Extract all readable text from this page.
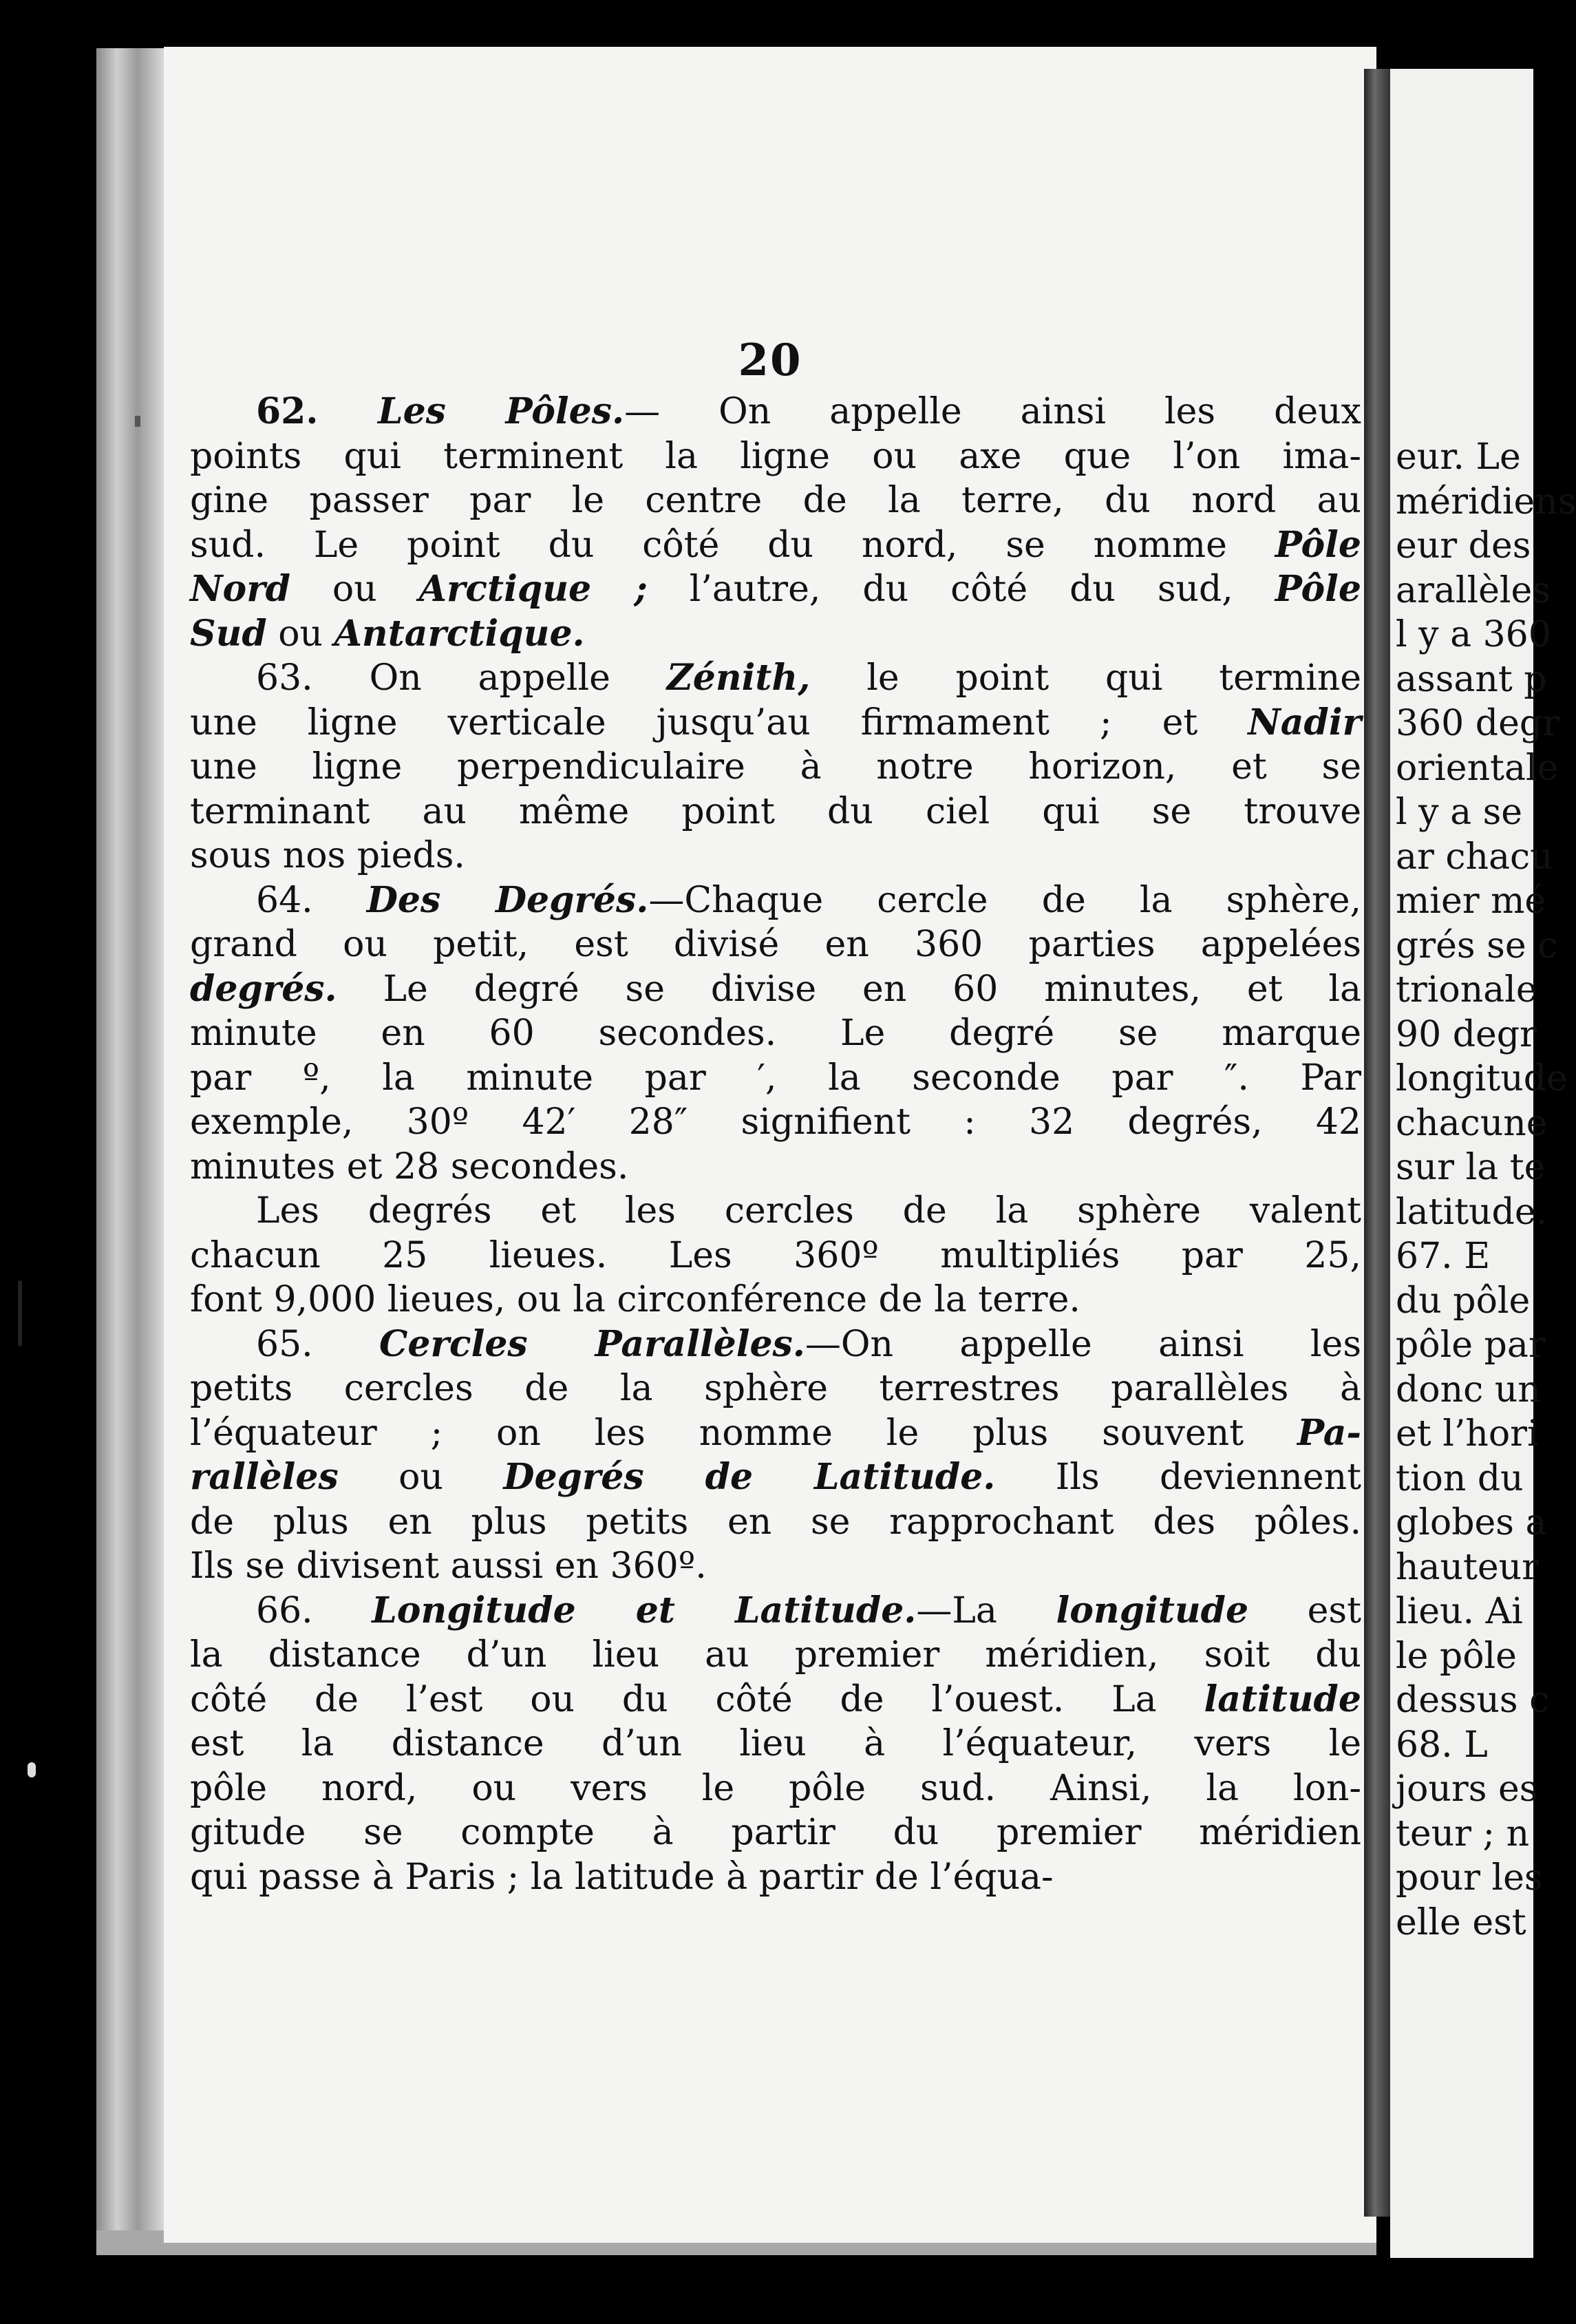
20
62. Les Pôles.— On appelle ainsi les deux
points qui terminent la ligne ou axe que l’on ima-
gine passer par le centre de la terre, du nord au
sud. Le point du côté du nord, se nomme Pôle
Nord ou Arctique ; l’autre, du côté du sud, Pôle
Sud ou Antarctique.
63. On appelle Zénith, le point qui termine
une ligne verticale jusqu’au firmament ; et Nadir
une ligne perpendiculaire à notre horizon, et se
terminant au même point du ciel qui se trouve
sous nos pieds.
64. Des Degrés.—Chaque cercle de la sphère,
grand ou petit, est divisé en 360 parties appelées
degrés. Le degré se divise en 60 minutes, et la
minute en 60 secondes. Le degré se marque
par º, la minute par ′, la seconde par ″. Par
exemple, 30º 42′ 28″ signifient : 32 degrés, 42
minutes et 28 secondes.
Les degrés et les cercles de la sphère valent
chacun 25 lieues. Les 360º multipliés par 25,
font 9,000 lieues, ou la circonférence de la terre.
65. Cercles Parallèles.—On appelle ainsi les
petits cercles de la sphère terrestres parallèles à
l’équateur ; on les nomme le plus souvent Pa-
rallèles ou Degrés de Latitude. Ils deviennent
de plus en plus petits en se rapprochant des pôles.
Ils se divisent aussi en 360º.
66. Longitude et Latitude.—La longitude est
la distance d’un lieu au premier méridien, soit du
côté de l’est ou du côté de l’ouest. La latitude
est la distance d’un lieu à l’équateur, vers le
pôle nord, ou vers le pôle sud. Ainsi, la lon-
gitude se compte à partir du premier méridien
qui passe à Paris ; la latitude à partir de l’équa-
eur. Le
méridiens
eur des
arallèles
l y a 360
assant p
360 degr
orientale
l y a se
ar chacu
mier mé
grés se c
trionale
90 degr
longitude
chacune
sur la te
latitude.
67. E
du pôle
pôle par
donc un
et l’hori
tion du
globes a
hauteur
lieu. Ai
le pôle
dessus c
68. L
jours es
teur ; n
pour les
elle est
